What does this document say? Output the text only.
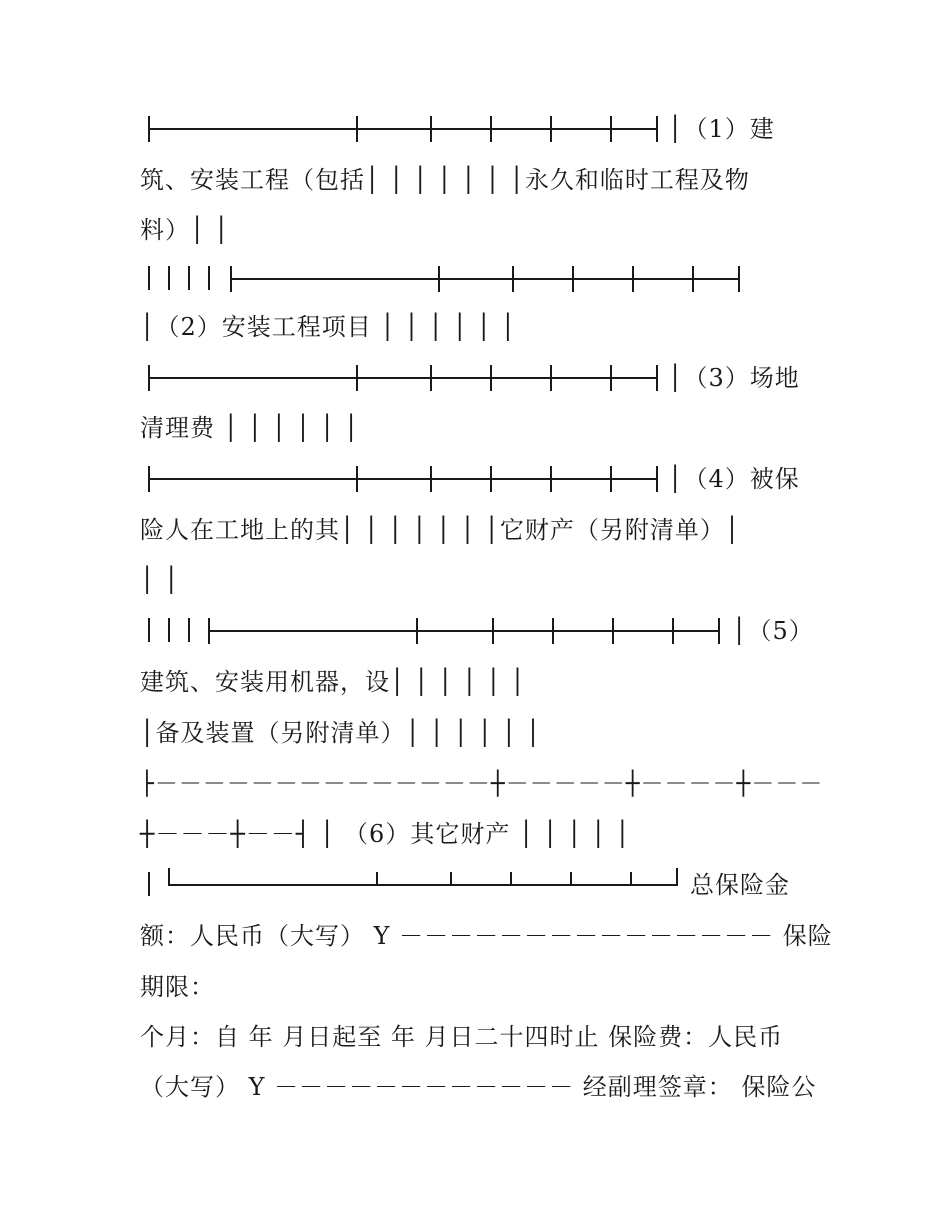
│（1）建
筑、安装工程（包括│ │ │ │ │ │ │永久和临时工程及物
料）│ │
│（2）安装工程项目 │ │ │ │ │ │
│（3）场地
清理费 │ │ │ │ │ │
│（4）被保
险人在工地上的其│ │ │ │ │ │ │它财产（另附清单）│
│ │
│（5）
建筑、安装用机器，设│ │ │ │ │ │
│备及装置（另附清单）│ │ │ │ │ │
├－－－－－－－－－－－－－－┼－－－－－┼－－－－┼－－－
┼－－－┼－－┤ │ （6）其它财产 │ │ │ │ │
总保险金
额：人民币（大写） Y －－－－－－－－－－－－－－－ 保险
期限：
个月：自 年 月日起至 年 月日二十四时止 保险费：人民币
（大写） Y －－－－－－－－－－－－ 经副理签章： 保险公
